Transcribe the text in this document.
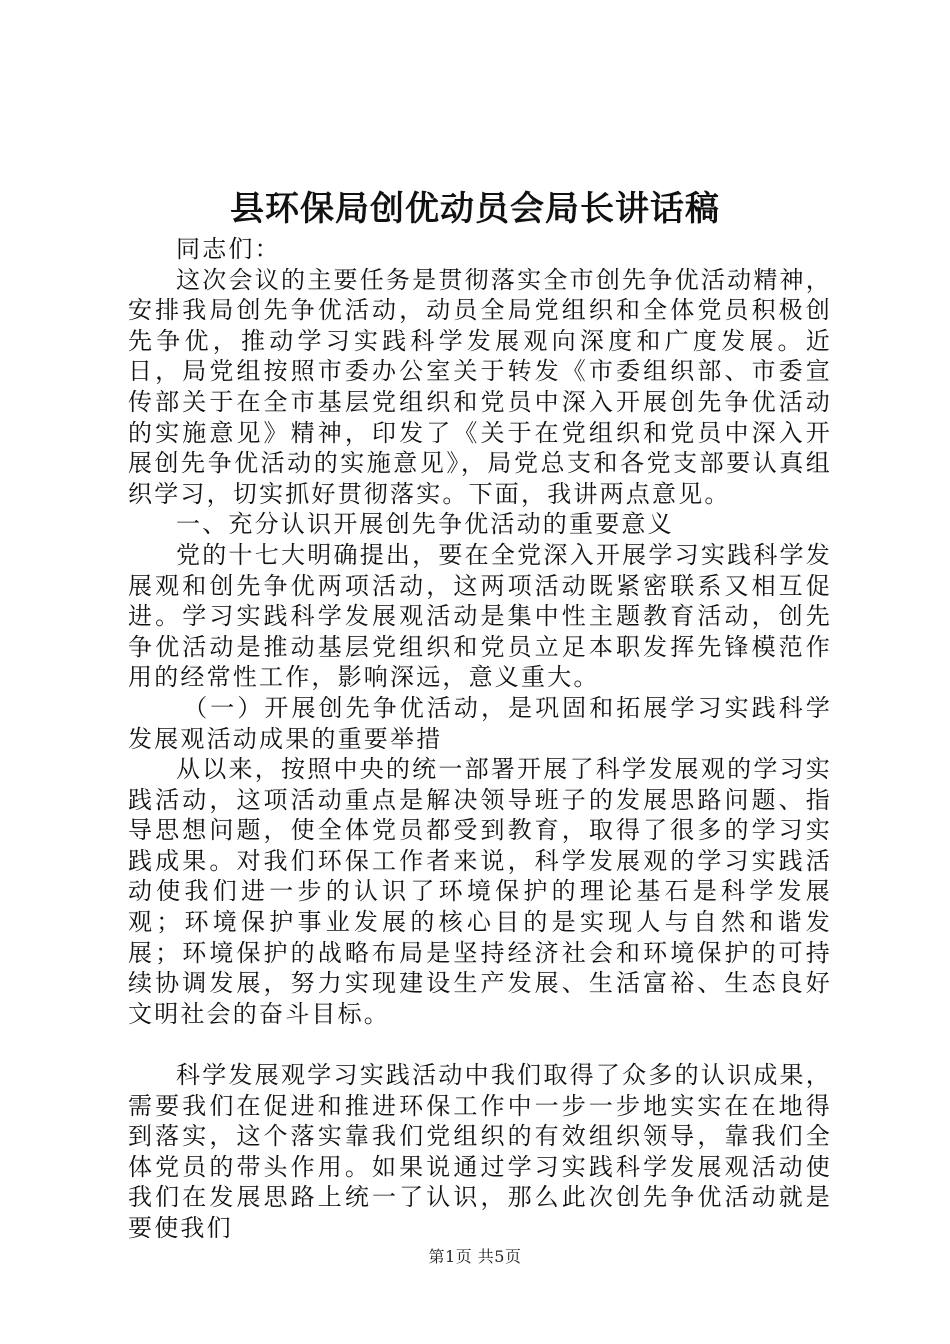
县环保局创优动员会局长讲话稿

同志们：

这次会议的主要任务是贯彻落实全市创先争优活动精神，安排我局创先争优活动，动员全局党组织和全体党员积极创先争优，推动学习实践科学发展观向深度和广度发展。近日，局党组按照市委办公室关于转发《市委组织部、市委宣传部关于在全市基层党组织和党员中深入开展创先争优活动的实施意见》精神，印发了《关于在党组织和党员中深入开展创先争优活动的实施意见》，局党总支和各党支部要认真组织学习，切实抓好贯彻落实。下面，我讲两点意见。

一、充分认识开展创先争优活动的重要意义

党的十七大明确提出，要在全党深入开展学习实践科学发展观和创先争优两项活动，这两项活动既紧密联系又相互促进。学习实践科学发展观活动是集中性主题教育活动，创先争优活动是推动基层党组织和党员立足本职发挥先锋模范作用的经常性工作，影响深远，意义重大。

（一）开展创先争优活动，是巩固和拓展学习实践科学发展观活动成果的重要举措

从以来，按照中央的统一部署开展了科学发展观的学习实践活动，这项活动重点是解决领导班子的发展思路问题、指导思想问题，使全体党员都受到教育，取得了很多的学习实践成果。对我们环保工作者来说，科学发展观的学习实践活动使我们进一步的认识了环境保护的理论基石是科学发展观；环境保护事业发展的核心目的是实现人与自然和谐发展；环境保护的战略布局是坚持经济社会和环境保护的可持续协调发展，努力实现建设生产发展、生活富裕、生态良好文明社会的奋斗目标。

科学发展观学习实践活动中我们取得了众多的认识成果，需要我们在促进和推进环保工作中一步一步地实实在在地得到落实，这个落实靠我们党组织的有效组织领导，靠我们全体党员的带头作用。如果说通过学习实践科学发展观活动使我们在发展思路上统一了认识，那么此次创先争优活动就是要使我们

第1页 共5页
